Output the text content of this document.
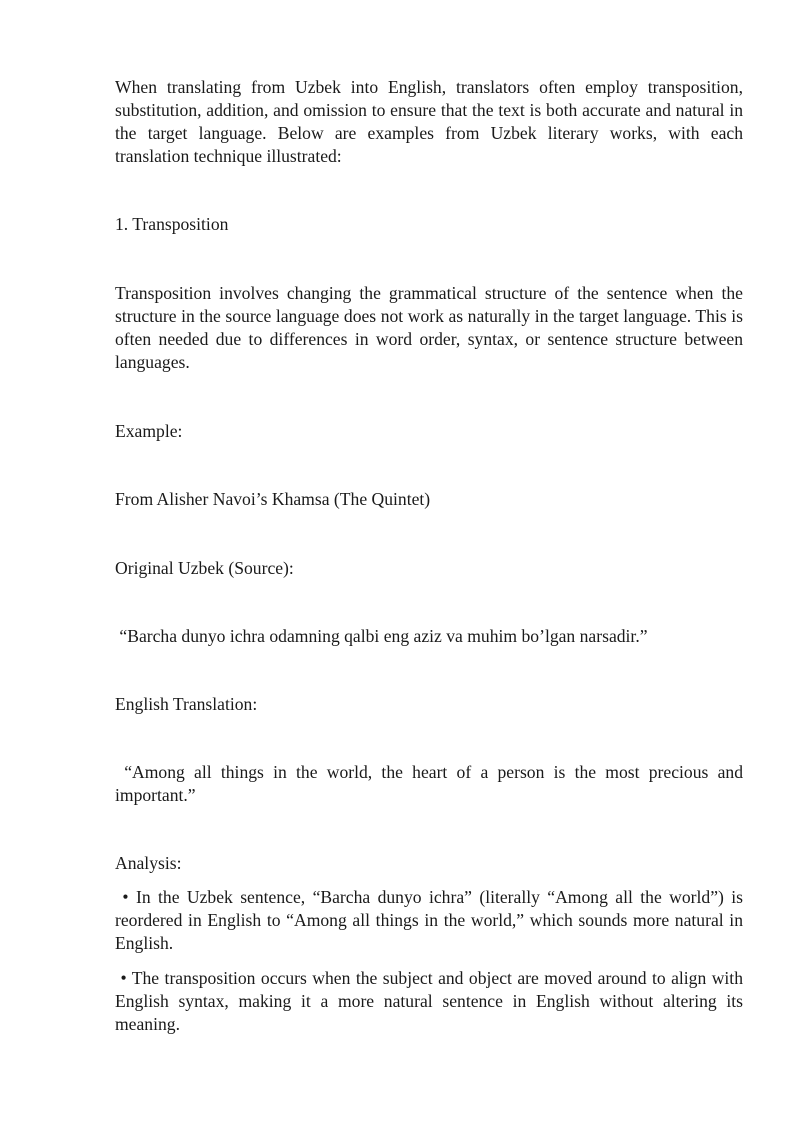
When translating from Uzbek into English, translators often employ transposition, substitution, addition, and omission to ensure that the text is both accurate and natural in the target language. Below are examples from Uzbek literary works, with each translation technique illustrated:

1. Transposition

Transposition involves changing the grammatical structure of the sentence when the structure in the source language does not work as naturally in the target language. This is often needed due to differences in word order, syntax, or sentence structure between languages.

Example:

From Alisher Navoi’s Khamsa (The Quintet)

Original Uzbek (Source):

“Barcha dunyo ichra odamning qalbi eng aziz va muhim bo’lgan narsadir.”

English Translation:

“Among all things in the world, the heart of a person is the most precious and important.”

Analysis:

• In the Uzbek sentence, “Barcha dunyo ichra” (literally “Among all the world”) is reordered in English to “Among all things in the world,” which sounds more natural in English.

• The transposition occurs when the subject and object are moved around to align with English syntax, making it a more natural sentence in English without altering its meaning.
